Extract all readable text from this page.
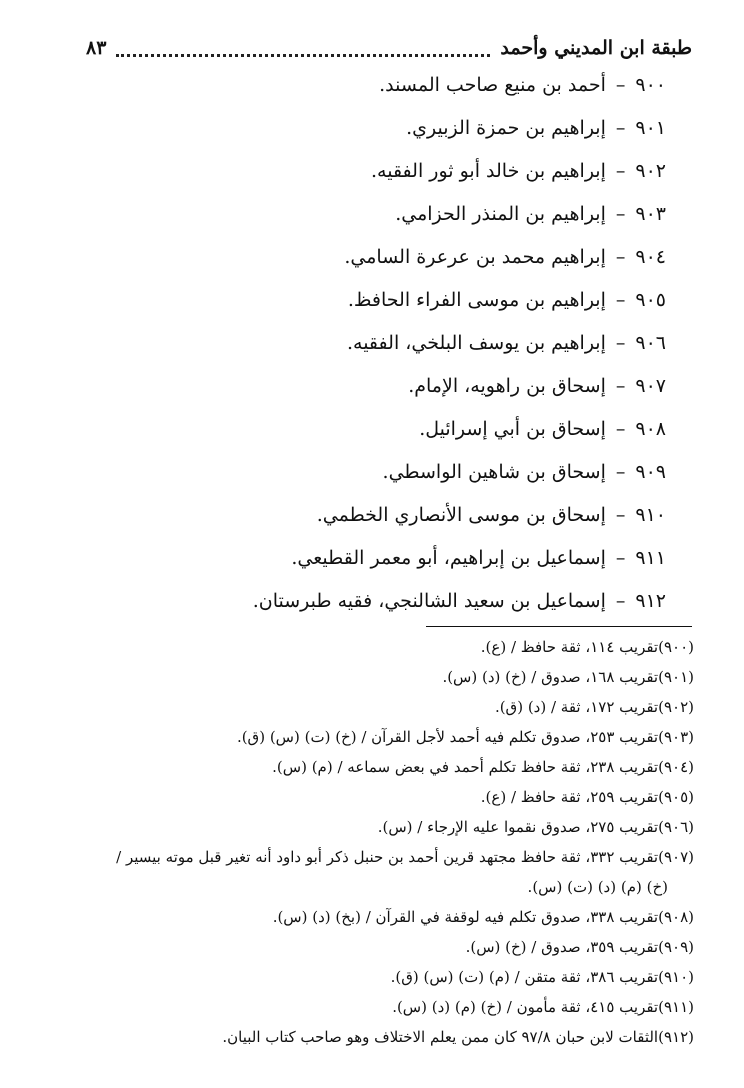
طبقة ابن المديني وأحمد
٨٣
٩٠٠–أحمد بن منيع صاحب المسند.
٩٠١–إبراهيم بن حمزة الزبيري.
٩٠٢–إبراهيم بن خالد أبو ثور الفقيه.
٩٠٣–إبراهيم بن المنذر الحزامي.
٩٠٤–إبراهيم محمد بن عرعرة السامي.
٩٠٥–إبراهيم بن موسى الفراء الحافظ.
٩٠٦–إبراهيم بن يوسف البلخي، الفقيه.
٩٠٧–إسحاق بن راهويه، الإمام.
٩٠٨–إسحاق بن أبي إسرائيل.
٩٠٩–إسحاق بن شاهين الواسطي.
٩١٠–إسحاق بن موسى الأنصاري الخطمي.
٩١١–إسماعيل بن إبراهيم، أبو معمر القطيعي.
٩١٢–إسماعيل بن سعيد الشالنجي، فقيه طبرستان.
(٩٠٠)تقريب ١١٤، ثقة حافظ / (ع).
(٩٠١)تقريب ١٦٨، صدوق / (خ) (د) (س).
(٩٠٢)تقريب ١٧٢، ثقة / (د) (ق).
(٩٠٣)تقريب ٢٥٣، صدوق تكلم فيه أحمد لأجل القرآن / (خ) (ت) (س) (ق).
(٩٠٤)تقريب ٢٣٨، ثقة حافظ تكلم أحمد في بعض سماعه / (م) (س).
(٩٠٥)تقريب ٢٥٩، ثقة حافظ / (ع).
(٩٠٦)تقريب ٢٧٥، صدوق نقموا عليه الإرجاء / (س).
(٩٠٧)تقريب ٣٣٢، ثقة حافظ مجتهد قرين أحمد بن حنبل ذكر أبو داود أنه تغير قبل موته بيسير /
(خ) (م) (د) (ت) (س).
(٩٠٨)تقريب ٣٣٨، صدوق تكلم فيه لوقفة في القرآن / (بخ) (د) (س).
(٩٠٩)تقريب ٣٥٩، صدوق / (خ) (س).
(٩١٠)تقريب ٣٨٦، ثقة متقن / (م) (ت) (س) (ق).
(٩١١)تقريب ٤١٥، ثقة مأمون / (خ) (م) (د) (س).
(٩١٢)الثقات لابن حبان ٩٧/٨ كان ممن يعلم الاختلاف وهو صاحب كتاب البيان.
